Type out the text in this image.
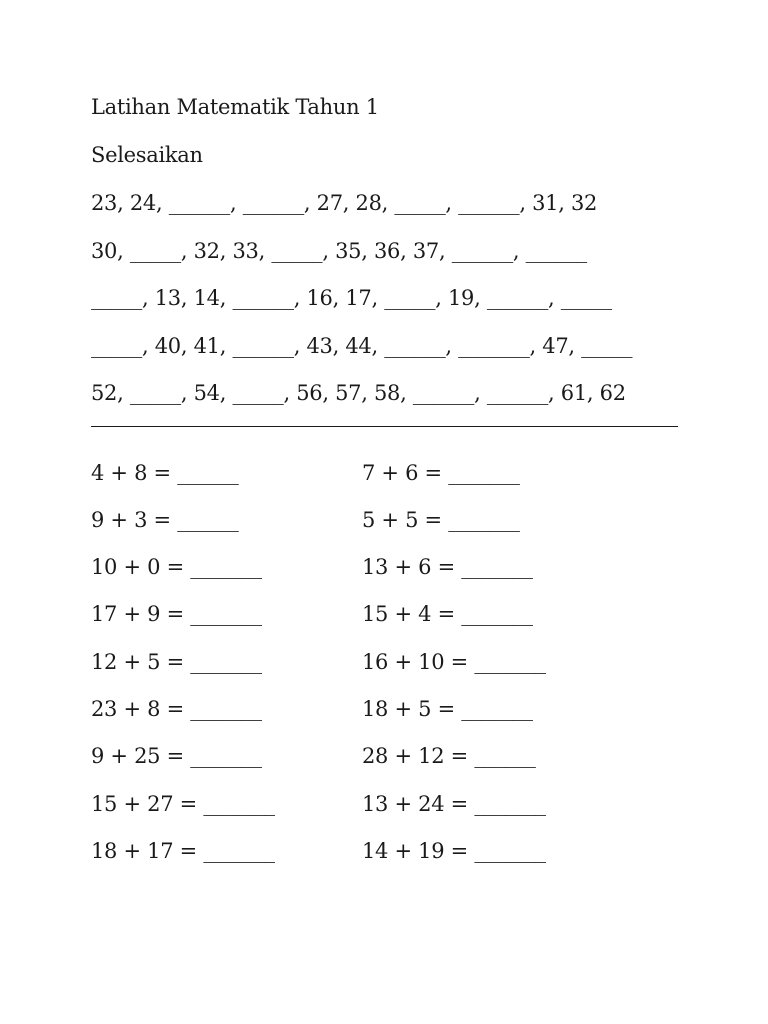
Latihan Matematik Tahun 1
Selesaikan
23, 24, ______, ______, 27, 28, _____, ______, 31, 32
30, _____, 32, 33, _____, 35, 36, 37, ______, ______
_____, 13, 14, ______, 16, 17, _____, 19, ______, _____
_____, 40, 41, ______, 43, 44, ______, _______, 47, _____
52, _____, 54, _____, 56, 57, 58, ______, ______, 61, 62
4 + 8 = ______	7 + 6 = _______
9 + 3 = ______	5 + 5 = _______
10 + 0 = _______	13 + 6 = _______
17 + 9 = _______	15 + 4 = _______
12 + 5 = _______	16 + 10 = _______
23 + 8 = _______	18 + 5 = _______
9 + 25 = _______	28 + 12 = ______
15 + 27 = _______	13 + 24 = _______
18 + 17 = _______	14 + 19 = _______
